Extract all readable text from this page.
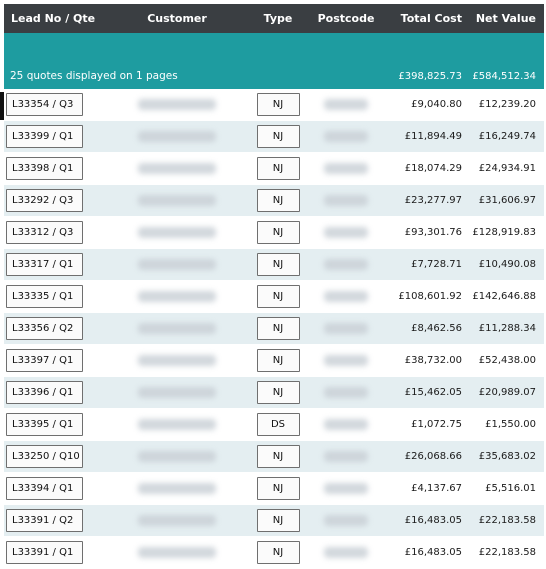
Lead No / Qte	Customer	Type	Postcode	Total Cost	Net Value
25 quotes displayed on 1 pages				£398,825.73	£584,512.34
L33354 / Q3		NJ		£9,040.80	£12,239.20
L33399 / Q1		NJ		£11,894.49	£16,249.74
L33398 / Q1		NJ		£18,074.29	£24,934.91
L33292 / Q3		NJ		£23,277.97	£31,606.97
L33312 / Q3		NJ		£93,301.76	£128,919.83
L33317 / Q1		NJ		£7,728.71	£10,490.08
L33335 / Q1		NJ		£108,601.92	£142,646.88
L33356 / Q2		NJ		£8,462.56	£11,288.34
L33397 / Q1		NJ		£38,732.00	£52,438.00
L33396 / Q1		NJ		£15,462.05	£20,989.07
L33395 / Q1		DS		£1,072.75	£1,550.00
L33250 / Q10		NJ		£26,068.66	£35,683.02
L33394 / Q1		NJ		£4,137.67	£5,516.01
L33391 / Q2		NJ		£16,483.05	£22,183.58
L33391 / Q1		NJ		£16,483.05	£22,183.58
